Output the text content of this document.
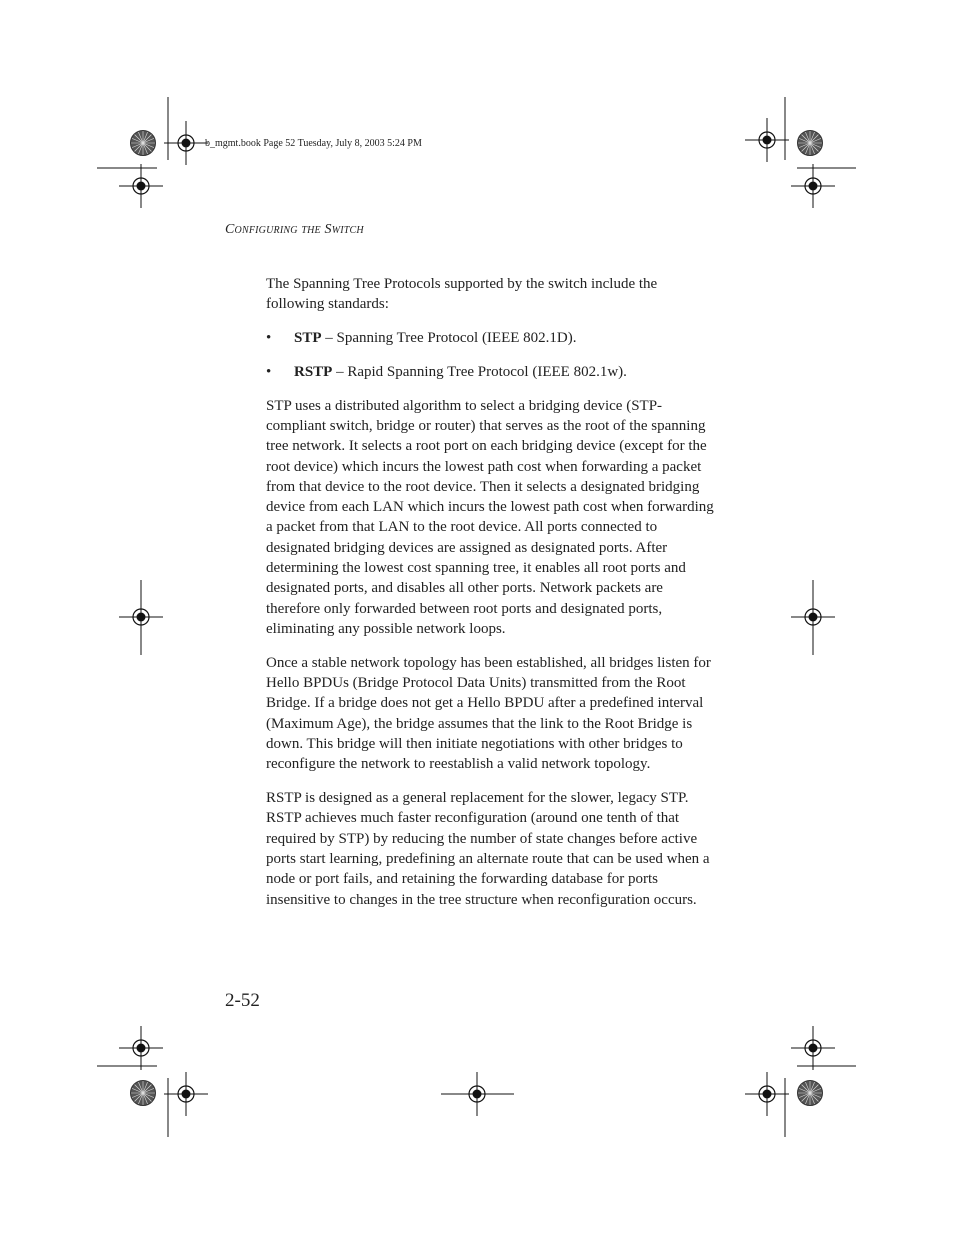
b_mgmt.book Page 52 Tuesday, July 8, 2003 5:24 PM
Configuring the Switch

The Spanning Tree Protocols supported by the switch include the following standards:

• STP – Spanning Tree Protocol (IEEE 802.1D).
• RSTP – Rapid Spanning Tree Protocol (IEEE 802.1w).

STP uses a distributed algorithm to select a bridging device (STP-compliant switch, bridge or router) that serves as the root of the spanning tree network. It selects a root port on each bridging device (except for the root device) which incurs the lowest path cost when forwarding a packet from that device to the root device. Then it selects a designated bridging device from each LAN which incurs the lowest path cost when forwarding a packet from that LAN to the root device. All ports connected to designated bridging devices are assigned as designated ports. After determining the lowest cost spanning tree, it enables all root ports and designated ports, and disables all other ports. Network packets are therefore only forwarded between root ports and designated ports, eliminating any possible network loops.

Once a stable network topology has been established, all bridges listen for Hello BPDUs (Bridge Protocol Data Units) transmitted from the Root Bridge. If a bridge does not get a Hello BPDU after a predefined interval (Maximum Age), the bridge assumes that the link to the Root Bridge is down. This bridge will then initiate negotiations with other bridges to reconfigure the network to reestablish a valid network topology.

RSTP is designed as a general replacement for the slower, legacy STP. RSTP achieves much faster reconfiguration (around one tenth of that required by STP) by reducing the number of state changes before active ports start learning, predefining an alternate route that can be used when a node or port fails, and retaining the forwarding database for ports insensitive to changes in the tree structure when reconfiguration occurs.

2-52
